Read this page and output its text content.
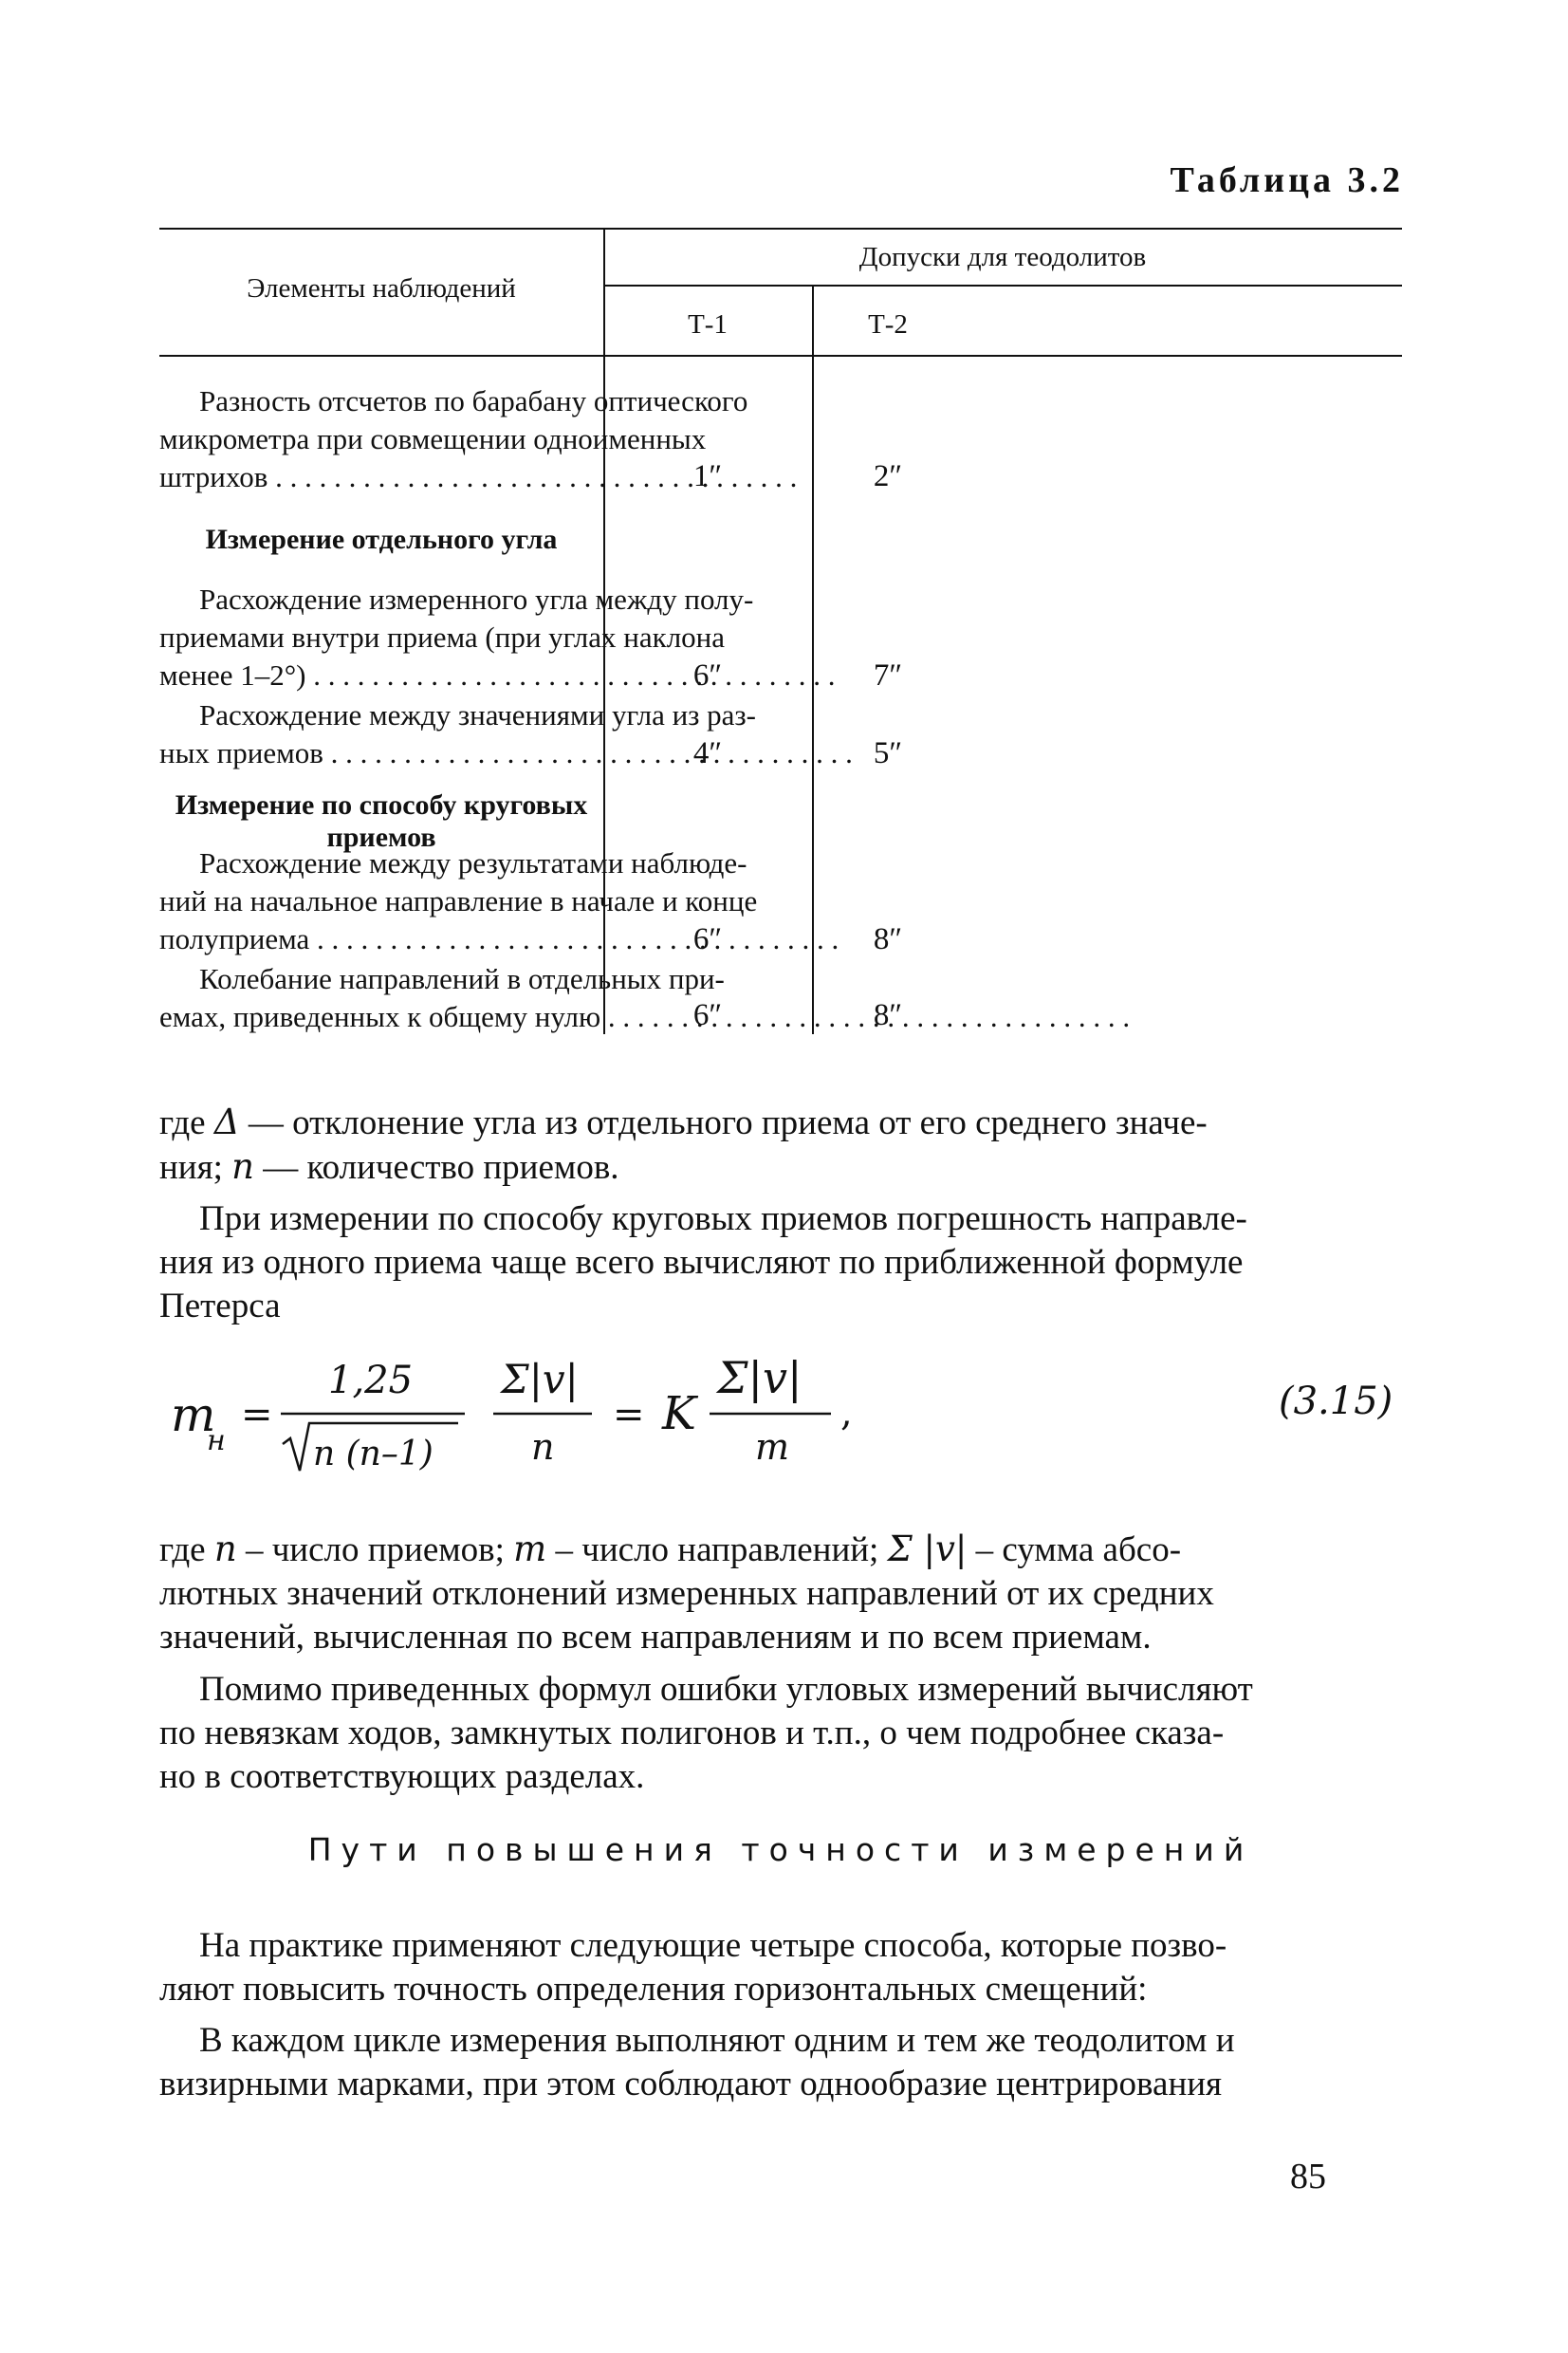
Таблица 3.2
Элементы наблюдений
Допуски для теодолитов
Т-1	Т-2
Разность отсчетов по барабану оптического
микрометра при совмещении одноименных
штрихов . . .	1″	2″
Измерение отдельного угла
Расхождение измеренного угла между полу-
приемами внутри приема (при углах наклона
менее 1–2°) . . .	6″	7″
Расхождение между значениями угла из раз-
ных приемов . . .	4″	5″
Измерение по способу круговых приемов
Расхождение между результатами наблюде-
ний на начальное направление в начале и конце
полуприема . . .	6″	8″
Колебание направлений в отдельных при-
емах, приведенных к общему нулю . . .	6″	8″
где Δ — отклонение угла из отдельного приема от его среднего значе-
ния; n — количество приемов.
При измерении по способу круговых приемов погрешность направле-
ния из одного приема чаще всего вычисляют по приближенной формуле
Петерса
m
н
=
1,25
n (n–1)
Σ|v|
n
= K
Σ|v|
m
,	(3.15)
где n – число приемов; m – число направлений; Σ |v| – сумма абсо-
лютных значений отклонений измеренных направлений от их средних
значений, вычисленная по всем направлениям и по всем приемам.
Помимо приведенных формул ошибки угловых измерений вычисляют
по невязкам ходов, замкнутых полигонов и т.п., о чем подробнее сказа-
но в соответствующих разделах.
Пути повышения точности измерений
На практике применяют следующие четыре способа, которые позво-
ляют повысить точность определения горизонтальных смещений:
В каждом цикле измерения выполняют одним и тем же теодолитом и
визирными марками, при этом соблюдают однообразие центрирования
85
